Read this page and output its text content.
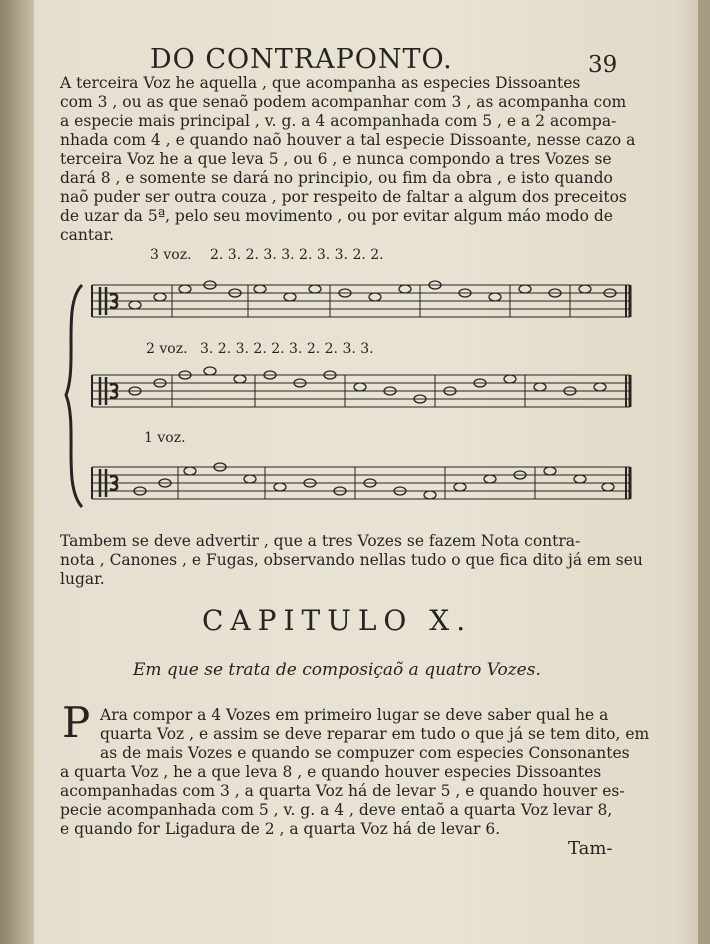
DO CONTRAPONTO.	39
A terceira Voz he aquella , que acompanha as especies Dissoantes
com 3 , ou as que senaõ podem acompanhar com 3 , as acompanha com
a especie mais principal , v. g. a 4 acompanhada com 5 , e a 2 acompa-
nhada com 4 , e quando naõ houver a tal especie Dissoante, nesse cazo a
terceira Voz he a que leva 5 , ou 6 , e nunca compondo a tres Vozes se
dará 8 , e somente se dará no principio, ou fim da obra , e isto quando
naõ puder ser outra couza , por respeito de faltar a algum dos preceitos
de uzar da 5ª, pelo seu movimento , ou por evitar algum máo modo de
cantar.
3 voz. 2. 3. 2. 3. 3. 2. 3. 3. 2. 2.
2 voz. 3. 2. 3. 2. 2. 3. 2. 2. 3. 3.
1 voz.
Tambem se deve advertir , que a tres Vozes se fazem Nota contra-
nota , Canones , e Fugas, observando nellas tudo o que fica dito já em seu
lugar.
CAPITULO X.
Em que se trata de composiçaõ a quatro Vozes.
P Ara compor a 4 Vozes em primeiro lugar se deve saber qual he a
quarta Voz , e assim se deve reparar em tudo o que já se tem dito, em
as de mais Vozes e quando se compuzer com especies Consonantes
a quarta Voz , he a que leva 8 , e quando houver especies Dissoantes
acompanhadas com 3 , a quarta Voz há de levar 5 , e quando houver es-
pecie acompanhada com 5 , v. g. a 4 , deve entaõ a quarta Voz levar 8,
e quando for Ligadura de 2 , a quarta Voz há de levar 6.
Tam-
